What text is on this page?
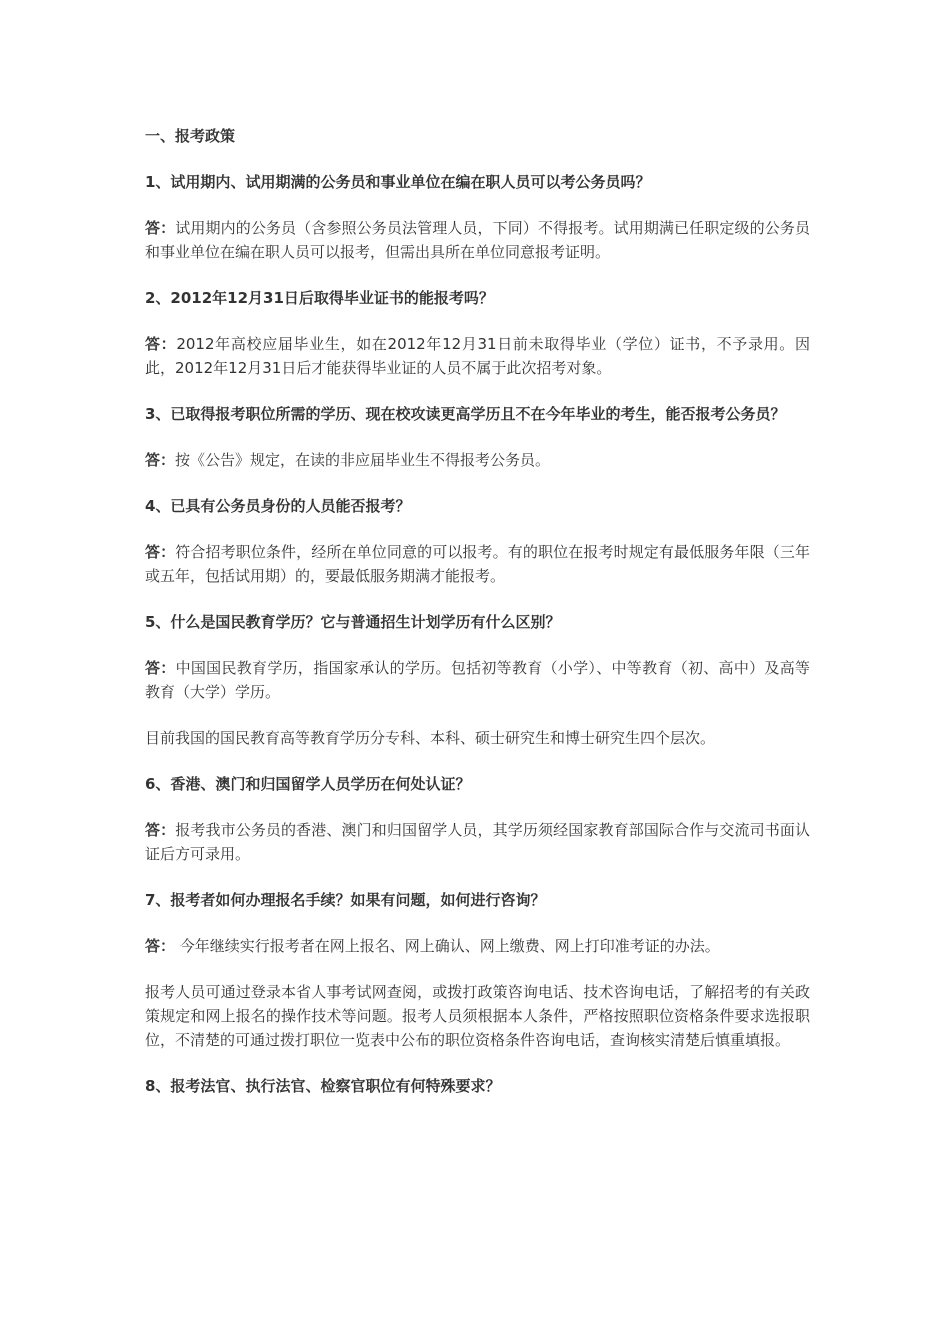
一、报考政策
1、试用期内、试用期满的公务员和事业单位在编在职人员可以考公务员吗？
答：试用期内的公务员（含参照公务员法管理人员，下同）不得报考。试用期满已任职定级的公务员和事业单位在编在职人员可以报考，但需出具所在单位同意报考证明。
2、2012年12月31日后取得毕业证书的能报考吗？
答：2012年高校应届毕业生，如在2012年12月31日前未取得毕业（学位）证书，不予录用。因此，2012年12月31日后才能获得毕业证的人员不属于此次招考对象。
3、已取得报考职位所需的学历、现在校攻读更高学历且不在今年毕业的考生，能否报考公务员？
答：按《公告》规定，在读的非应届毕业生不得报考公务员。
4、已具有公务员身份的人员能否报考？
答：符合招考职位条件，经所在单位同意的可以报考。有的职位在报考时规定有最低服务年限（三年或五年，包括试用期）的，要最低服务期满才能报考。
5、什么是国民教育学历？它与普通招生计划学历有什么区别？
答：中国国民教育学历，指国家承认的学历。包括初等教育（小学）、中等教育（初、高中）及高等教育（大学）学历。
目前我国的国民教育高等教育学历分专科、本科、硕士研究生和博士研究生四个层次。
6、香港、澳门和归国留学人员学历在何处认证？
答：报考我市公务员的香港、澳门和归国留学人员，其学历须经国家教育部国际合作与交流司书面认证后方可录用。
7、报考者如何办理报名手续？如果有问题，如何进行咨询？
答： 今年继续实行报考者在网上报名、网上确认、网上缴费、网上打印准考证的办法。
报考人员可通过登录本省人事考试网查阅，或拨打政策咨询电话、技术咨询电话，了解招考的有关政策规定和网上报名的操作技术等问题。报考人员须根据本人条件，严格按照职位资格条件要求选报职位，不清楚的可通过拨打职位一览表中公布的职位资格条件咨询电话，查询核实清楚后慎重填报。
8、报考法官、执行法官、检察官职位有何特殊要求？
